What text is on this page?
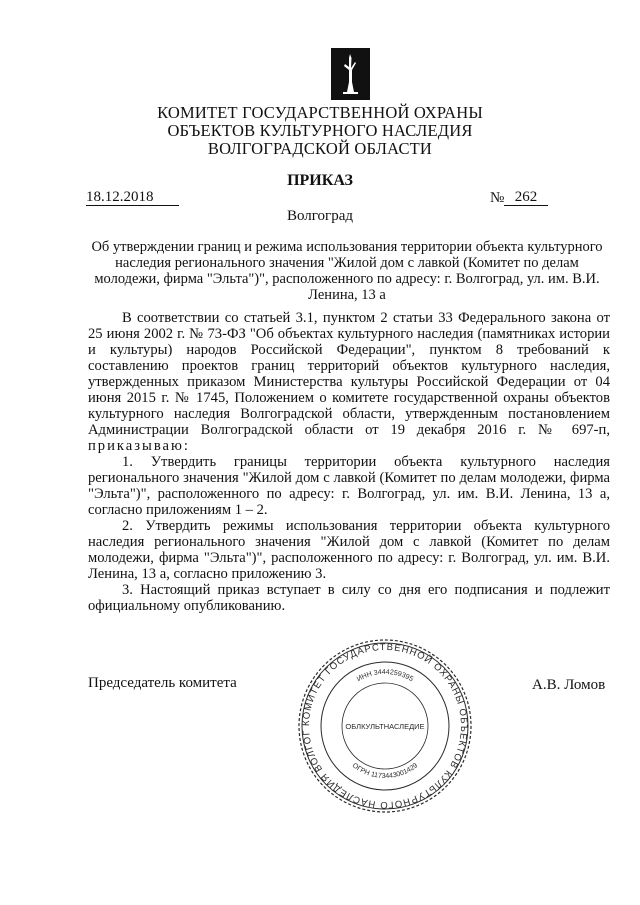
КОМИТЕТ ГОСУДАРСТВЕННОЙ ОХРАНЫ
ОБЪЕКТОВ КУЛЬТУРНОГО НАСЛЕДИЯ
ВОЛГОГРАДСКОЙ ОБЛАСТИ
ПРИКАЗ
18.12.2018	№ 262
Волгоград
Об утверждении границ и режима использования территории объекта культурного наследия регионального значения "Жилой дом с лавкой (Комитет по делам молодежи, фирма "Эльта")", расположенного по адресу: г. Волгоград, ул. им. В.И. Ленина, 13 а

В соответствии со статьей 3.1, пунктом 2 статьи 33 Федерального закона от 25 июня 2002 г. № 73-ФЗ "Об объектах культурного наследия (памятниках истории и культуры) народов Российской Федерации", пунктом 8 требований к составлению проектов границ территорий объектов культурного наследия, утвержденных приказом Министерства культуры Российской Федерации от 04 июня 2015 г. № 1745, Положением о комитете государственной охраны объектов культурного наследия Волгоградской области, утвержденным постановлением Администрации Волгоградской области от 19 декабря 2016 г. № 697-п, приказываю:

1. Утвердить границы территории объекта культурного наследия регионального значения "Жилой дом с лавкой (Комитет по делам молодежи, фирма "Эльта")", расположенного по адресу: г. Волгоград, ул. им. В.И. Ленина, 13 а, согласно приложениям 1 – 2.

2. Утвердить режимы использования территории объекта культурного наследия регионального значения "Жилой дом с лавкой (Комитет по делам молодежи, фирма "Эльта")", расположенного по адресу: г. Волгоград, ул. им. В.И. Ленина, 13 а, согласно приложению 3.

3. Настоящий приказ вступает в силу со дня его подписания и подлежит официальному опубликованию.

Председатель комитета	А.В. Ломов
КОМИТЕТ ГОСУДАРСТВЕННОЙ ОХРАНЫ ОБЪЕКТОВ КУЛЬТУРНОГО НАСЛЕДИЯ ВОЛГОГ
ИНН 3444259395
ОГРН 1173443001429
ОБЛКУЛЬТНАСЛЕДИЕ
